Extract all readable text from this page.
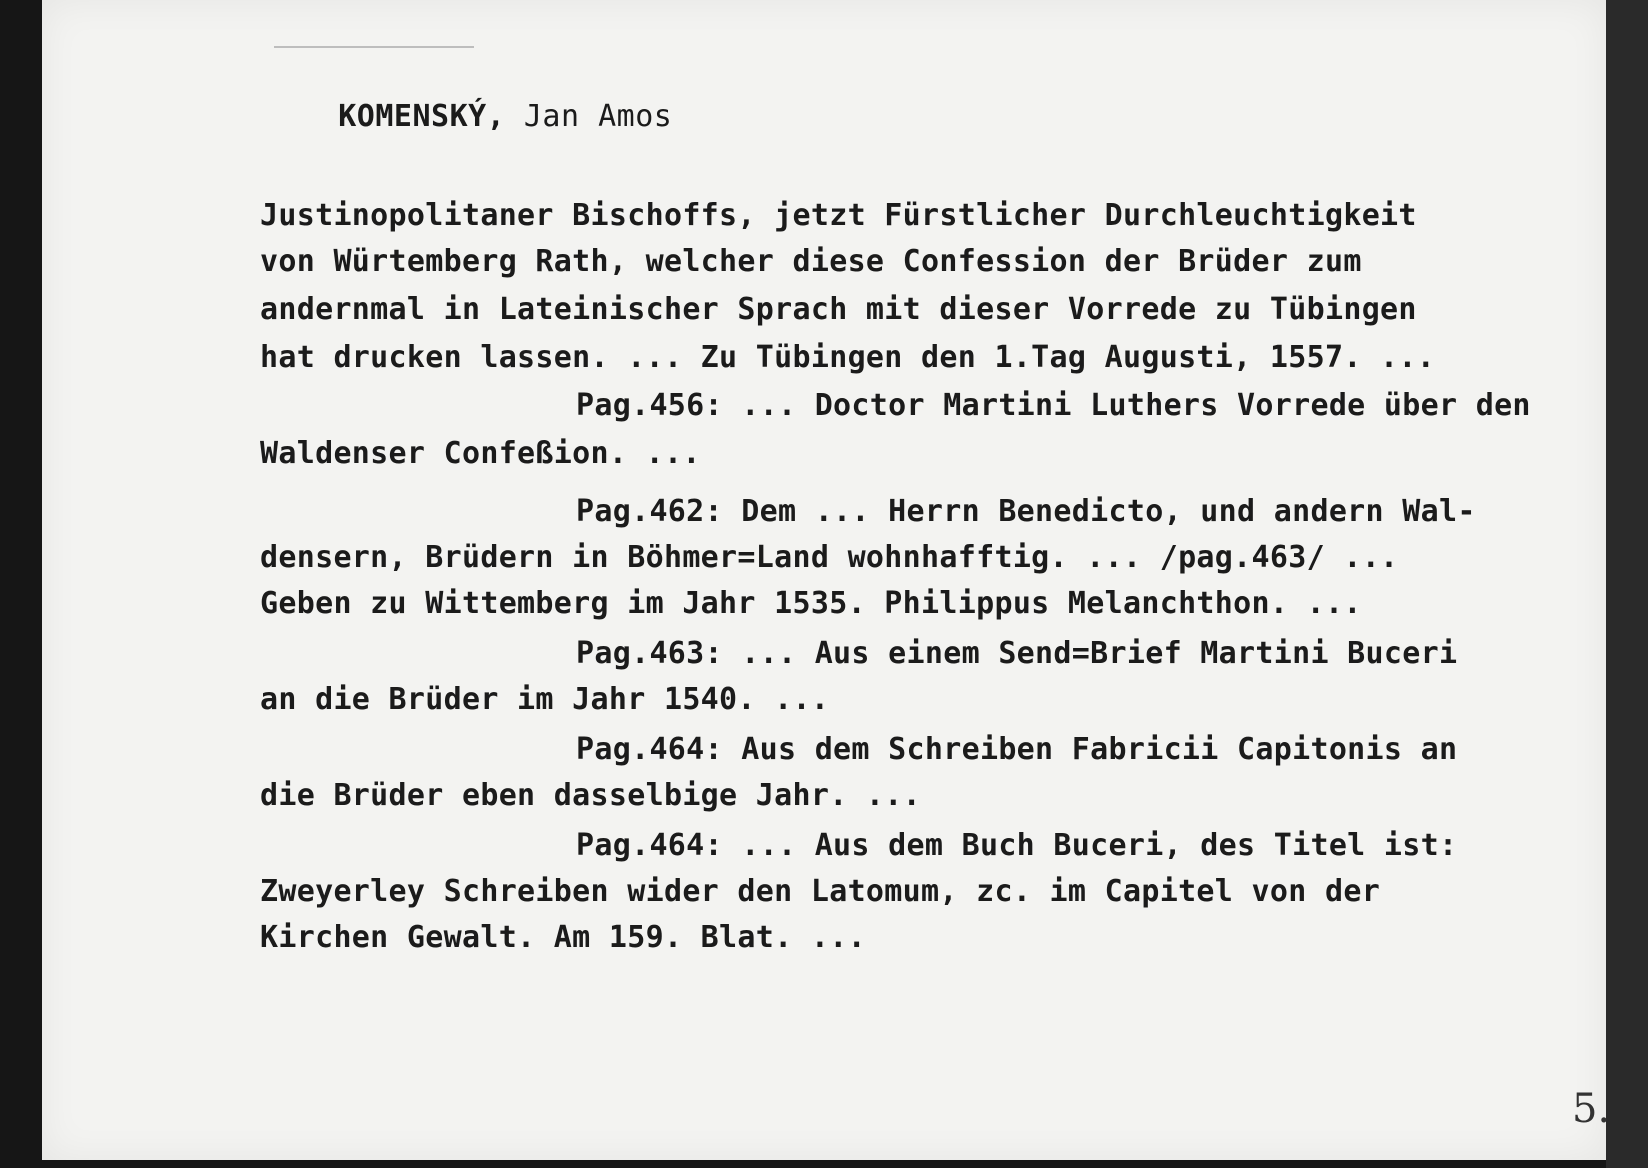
KOMENSKÝ, Jan Amos

Justinopolitaner Bischoffs, jetzt Fürstlicher Durchleuchtigkeit
von Würtemberg Rath, welcher diese Confession der Brüder zum
andernmal in Lateinischer Sprach mit dieser Vorrede zu Tübingen
hat drucken lassen. ... Zu Tübingen den 1.Tag Augusti, 1557. ...
Pag.456: ... Doctor Martini Luthers Vorrede über den
Waldenser Confeßion. ...
Pag.462: Dem ... Herrn Benedicto, und andern Wal-
densern, Brüdern in Böhmer=Land wohnhafftig. ... /pag.463/ ...
Geben zu Wittemberg im Jahr 1535. Philippus Melanchthon. ...
Pag.463: ... Aus einem Send=Brief Martini Buceri
an die Brüder im Jahr 1540. ...
Pag.464: Aus dem Schreiben Fabricii Capitonis an
die Brüder eben dasselbige Jahr. ...
Pag.464: ... Aus dem Buch Buceri, des Titel ist:
Zweyerley Schreiben wider den Latomum, zc. im Capitel von der
Kirchen Gewalt. Am 159. Blat. ...
5.
